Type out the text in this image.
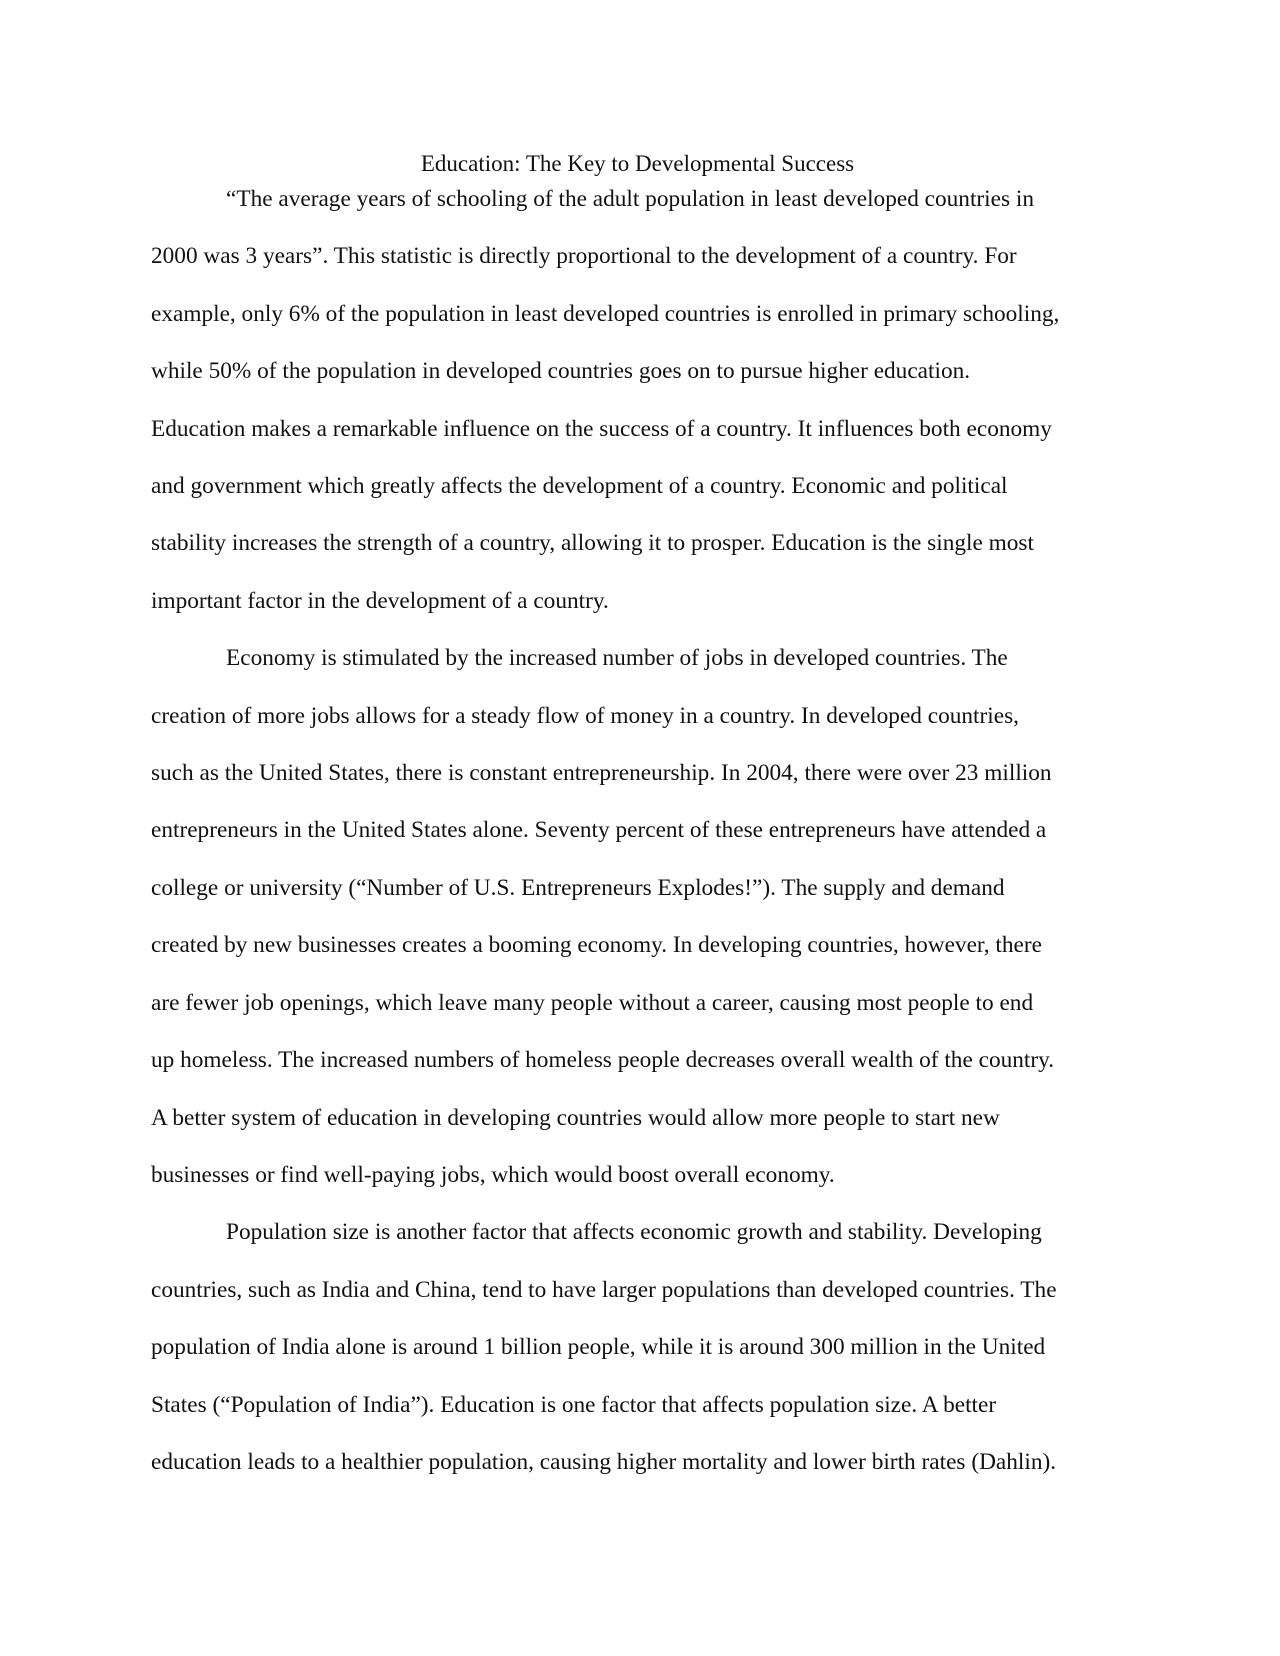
Education: The Key to Developmental Success

“The average years of schooling of the adult population in least developed countries in
2000 was 3 years”. This statistic is directly proportional to the development of a country. For
example, only 6% of the population in least developed countries is enrolled in primary schooling,
while 50% of the population in developed countries goes on to pursue higher education.
Education makes a remarkable influence on the success of a country. It influences both economy
and government which greatly affects the development of a country. Economic and political
stability increases the strength of a country, allowing it to prosper. Education is the single most
important factor in the development of a country.

Economy is stimulated by the increased number of jobs in developed countries. The
creation of more jobs allows for a steady flow of money in a country. In developed countries,
such as the United States, there is constant entrepreneurship. In 2004, there were over 23 million
entrepreneurs in the United States alone. Seventy percent of these entrepreneurs have attended a
college or university (“Number of U.S. Entrepreneurs Explodes!”). The supply and demand
created by new businesses creates a booming economy. In developing countries, however, there
are fewer job openings, which leave many people without a career, causing most people to end
up homeless. The increased numbers of homeless people decreases overall wealth of the country.
A better system of education in developing countries would allow more people to start new
businesses or find well-paying jobs, which would boost overall economy.

Population size is another factor that affects economic growth and stability. Developing
countries, such as India and China, tend to have larger populations than developed countries. The
population of India alone is around 1 billion people, while it is around 300 million in the United
States (“Population of India”). Education is one factor that affects population size. A better
education leads to a healthier population, causing higher mortality and lower birth rates (Dahlin).
